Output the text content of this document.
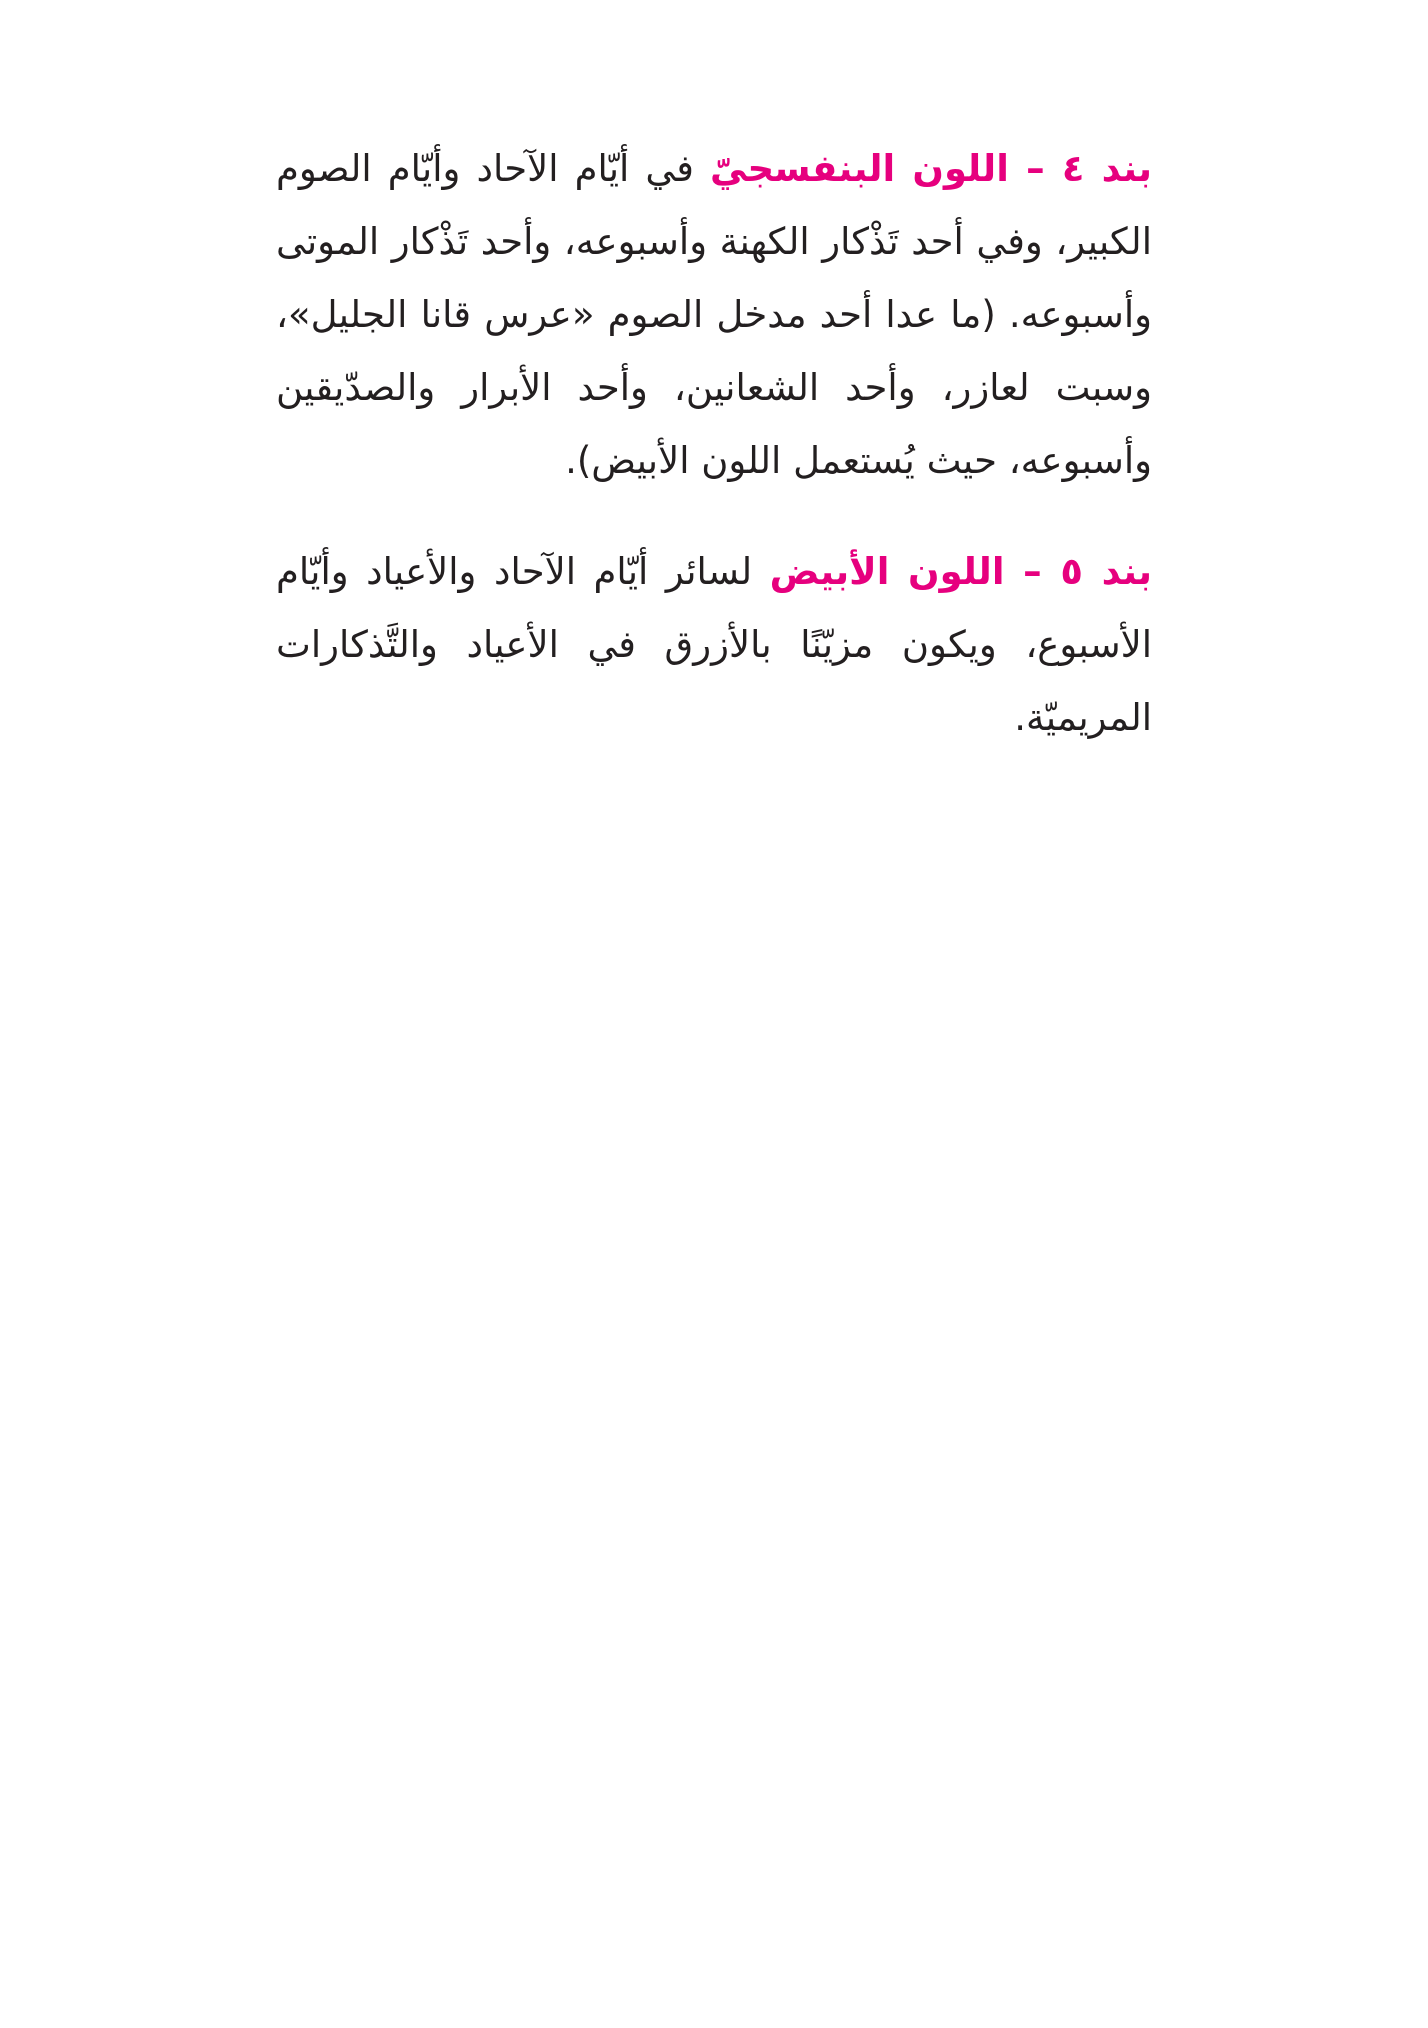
بند ٤ – اللون البنفسجيّ في أيّام الآحاد وأيّام الصوم الكبير، وفي أحد تَذْكار الكهنة وأسبوعه، وأحد تَذْكار الموتى وأسبوعه. (ما عدا أحد مدخل الصوم «عرس قانا الجليل»، وسبت لعازر، وأحد الشعانين، وأحد الأبرار والصدّيقين وأسبوعه، حيث يُستعمل اللون الأبيض).

بند ٥ – اللون الأبيض لسائر أيّام الآحاد والأعياد وأيّام الأسبوع، ويكون مزيّنًا بالأزرق في الأعياد والتَّذكارات المريميّة.
